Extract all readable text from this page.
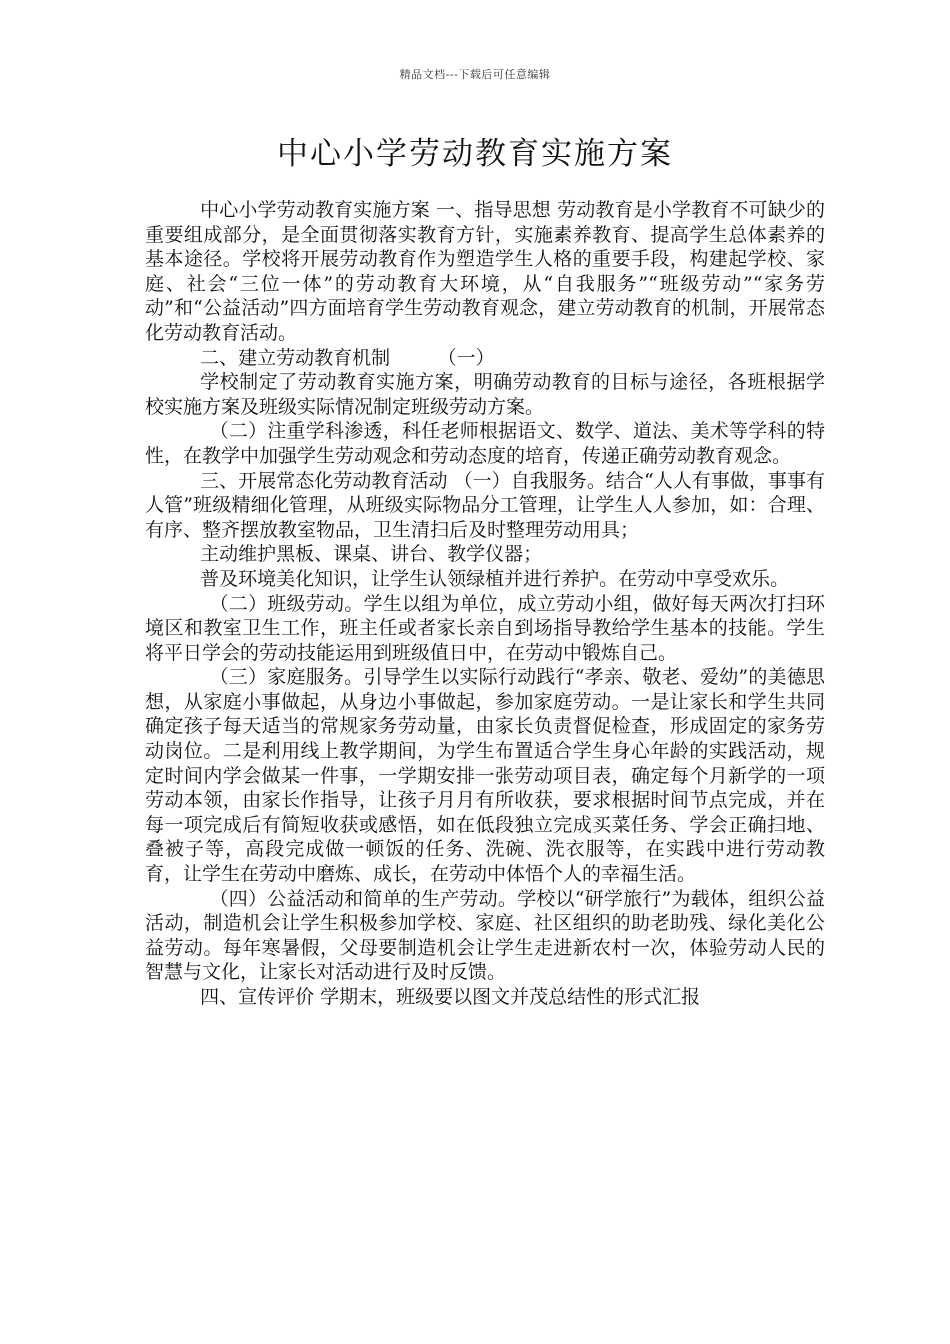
精品文档---下载后可任意编辑
中心小学劳动教育实施方案

中心小学劳动教育实施方案 一、指导思想 劳动教育是小学教育不可缺少的重要组成部分，是全面贯彻落实教育方针，实施素养教育、提高学生总体素养的基本途径。学校将开展劳动教育作为塑造学生人格的重要手段，构建起学校、家庭、社会“三位一体”的劳动教育大环境，从“自我服务”“班级劳动”“家务劳动”和“公益活动”四方面培育学生劳动教育观念，建立劳动教育的机制，开展常态化劳动教育活动。

二、建立劳动教育机制　　　（一）

学校制定了劳动教育实施方案，明确劳动教育的目标与途径，各班根据学校实施方案及班级实际情况制定班级劳动方案。

（二）注重学科渗透，科任老师根据语文、数学、道法、美术等学科的特性，在教学中加强学生劳动观念和劳动态度的培育，传递正确劳动教育观念。

三、开展常态化劳动教育活动 （一）自我服务。结合“人人有事做，事事有人管”班级精细化管理，从班级实际物品分工管理，让学生人人参加，如：合理、有序、整齐摆放教室物品，卫生清扫后及时整理劳动用具；

主动维护黑板、课桌、讲台、教学仪器；

普及环境美化知识，让学生认领绿植并进行养护。在劳动中享受欢乐。

（二）班级劳动。学生以组为单位，成立劳动小组，做好每天两次打扫环境区和教室卫生工作，班主任或者家长亲自到场指导教给学生基本的技能。学生将平日学会的劳动技能运用到班级值日中，在劳动中锻炼自己。

（三）家庭服务。引导学生以实际行动践行“孝亲、敬老、爱幼”的美德思想，从家庭小事做起，从身边小事做起，参加家庭劳动。一是让家长和学生共同确定孩子每天适当的常规家务劳动量，由家长负责督促检查，形成固定的家务劳动岗位。二是利用线上教学期间，为学生布置适合学生身心年龄的实践活动，规定时间内学会做某一件事，一学期安排一张劳动项目表，确定每个月新学的一项劳动本领，由家长作指导，让孩子月月有所收获，要求根据时间节点完成，并在每一项完成后有简短收获或感悟，如在低段独立完成买菜任务、学会正确扫地、叠被子等，高段完成做一顿饭的任务、洗碗、洗衣服等，在实践中进行劳动教育，让学生在劳动中磨炼、成长，在劳动中体悟个人的幸福生活。

（四）公益活动和简单的生产劳动。学校以“研学旅行”为载体，组织公益活动，制造机会让学生积极参加学校、家庭、社区组织的助老助残、绿化美化公益劳动。每年寒暑假，父母要制造机会让学生走进新农村一次，体验劳动人民的智慧与文化，让家长对活动进行及时反馈。

四、宣传评价 学期末，班级要以图文并茂总结性的形式汇报
